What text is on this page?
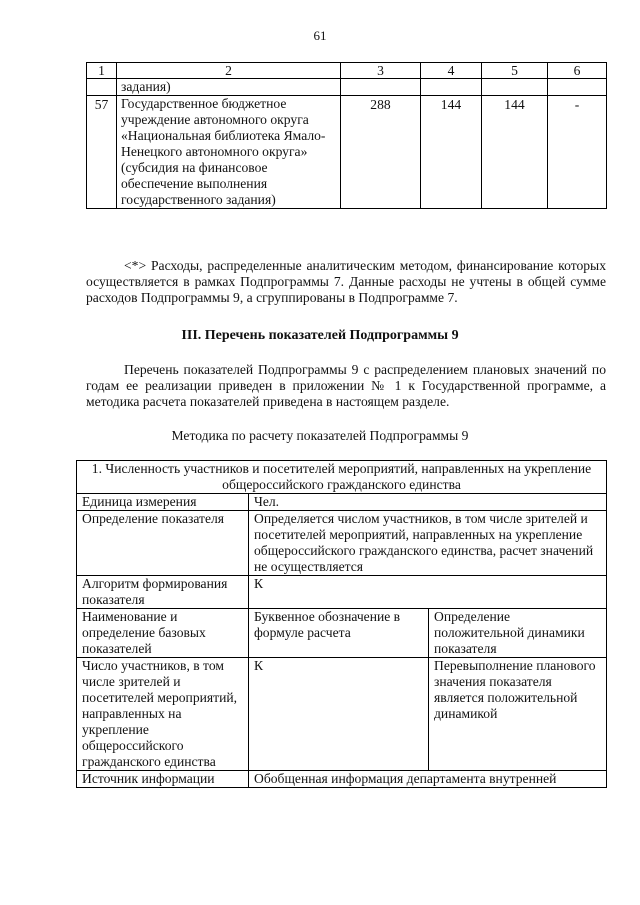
61
1	2	3	4	5	6
	задания)				
57	Государственное бюджетное учреждение автономного округа «Национальная библиотека Ямало-Ненецкого автономного округа» (субсидия на финансовое обеспечение выполнения государственного задания)	288	144	144	-
<*> Расходы, распределенные аналитическим методом, финансирование которых осуществляется в рамках Подпрограммы 7. Данные расходы не учтены в общей сумме расходов Подпрограммы 9, а сгруппированы в Подпрограмме 7.
III. Перечень показателей Подпрограммы 9
Перечень показателей Подпрограммы 9 с распределением плановых значений по годам ее реализации приведен в приложении № 1 к Государственной программе, а методика расчета показателей приведена в настоящем разделе.
Методика по расчету показателей Подпрограммы 9
1. Численность участников и посетителей мероприятий, направленных на укрепление общероссийского гражданского единства		
Единица измерения	Чел.	
Определение показателя	Определяется числом участников, в том числе зрителей и посетителей мероприятий, направленных на укрепление общероссийского гражданского единства, расчет значений не осуществляется	
Алгоритм формирования показателя	К	
Наименование и определение базовых показателей	Буквенное обозначение в формуле расчета	Определение положительной динамики показателя
Число участников, в том числе зрителей и посетителей мероприятий, направленных на укрепление общероссийского гражданского единства	К	Перевыполнение планового значения показателя является положительной динамикой
Источник информации	Обобщенная информация департамента внутренней	
